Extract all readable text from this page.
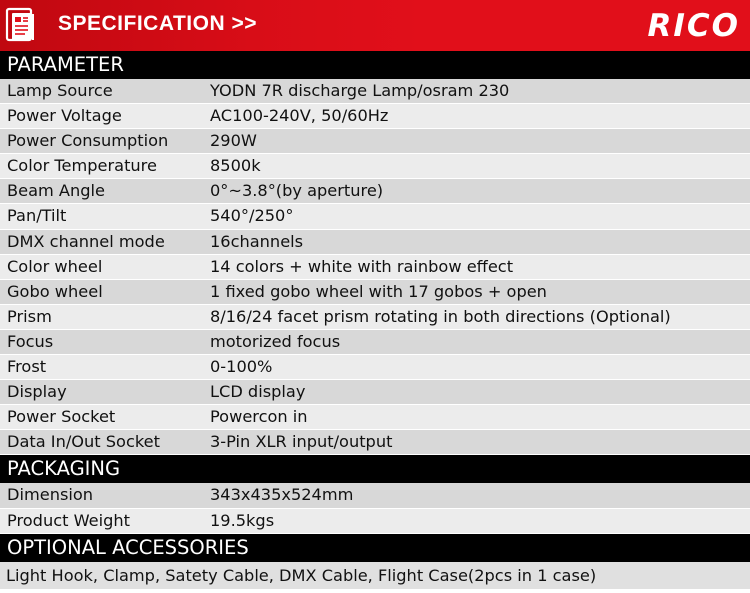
SPECIFICATION >>	RICO
PARAMETER
Lamp Source	YODN 7R discharge Lamp/osram 230
Power Voltage	AC100-240V, 50/60Hz
Power Consumption	290W
Color Temperature	8500k
Beam Angle	0°~3.8°(by aperture)
Pan/Tilt	540°/250°
DMX channel mode	16channels
Color wheel	14 colors + white with rainbow effect
Gobo wheel	1 fixed gobo wheel with 17 gobos + open
Prism	8/16/24 facet prism rotating in both directions (Optional)
Focus	motorized focus
Frost	0-100%
Display	LCD display
Power Socket	Powercon in
Data In/Out Socket	3-Pin XLR input/output
PACKAGING
Dimension	343x435x524mm
Product Weight	19.5kgs
OPTIONAL ACCESSORIES
Light Hook, Clamp, Satety Cable, DMX Cable, Flight Case(2pcs in 1 case)
